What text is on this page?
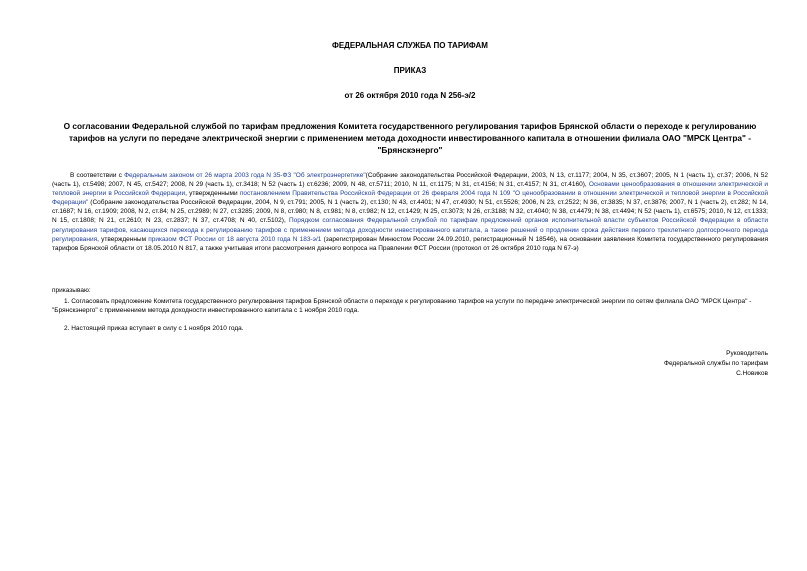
ФЕДЕРАЛЬНАЯ СЛУЖБА ПО ТАРИФАМ
ПРИКАЗ
от 26 октября 2010 года N 256-э/2
О согласовании Федеральной службой по тарифам предложения Комитета государственного регулирования тарифов Брянской области о переходе к регулированию тарифов на услуги по передаче электрической энергии с применением метода доходности инвестированного капитала в отношении филиала ОАО "МРСК Центра" - "Брянскэнерго"
В соответствии с Федеральным законом от 26 марта 2003 года N 35-ФЗ "Об электроэнергетике"(Собрание законодательства Российской Федерации, 2003, N 13, ст.1177; 2004, N 35, ст.3607; 2005, N 1 (часть 1), ст.37; 2006, N 52 (часть 1), ст.5498; 2007, N 45, ст.5427; 2008, N 29 (часть 1), ст.3418; N 52 (часть 1) ст.6236; 2009, N 48, ст.5711; 2010, N 11, ст.1175; N 31, ст.4156; N 31, ст.4157; N 31, ст.4160), Основами ценообразования в отношении электрической и тепловой энергии в Российской Федерации, утвержденными постановлением Правительства Российской Федерации от 26 февраля 2004 года N 109 "О ценообразовании в отношении электрической и тепловой энергии в Российской Федерации" (Собрание законодательства Российской Федерации, 2004, N 9, ст.791; 2005, N 1 (часть 2), ст.130; N 43, ст.4401; N 47, ст.4930; N 51, ст.5526; 2006, N 23, ст.2522; N 36, ст.3835; N 37, ст.3876; 2007, N 1 (часть 2), ст.282; N 14, ст.1687; N 16, ст.1909; 2008, N 2, ст.84; N 25, ст.2989; N 27, ст.3285; 2009, N 8, ст.980; N 8, ст.981; N 8, ст.982; N 12, ст.1429; N 25, ст.3073; N 26, ст.3188; N 32, ст.4040; N 38, ст.4479; N 38, ст.4494; N 52 (часть 1), ст.6575; 2010, N 12, ст.1333; N 15, ст.1808; N 21, ст.2610; N 23, ст.2837; N 37, ст.4708; N 40, ст.5102), Порядком согласования Федеральной службой по тарифам предложений органов исполнительной власти субъектов Российской Федерации в области регулирования тарифов, касающихся перехода к регулированию тарифов с применением метода доходности инвестированного капитала, а также решений о продлении срока действия первого трехлетнего долгосрочного периода регулирования, утвержденным приказом ФСТ России от 18 августа 2010 года N 183-э/1 (зарегистрирован Минюстом России 24.09.2010, регистрационный N 18546), на основании заявления Комитета государственного регулирования тарифов Брянской области от 18.05.2010 N 817, а также учитывая итоги рассмотрения данного вопроса на Правлении ФСТ России (протокол от 26 октября 2010 года N 67-э)
приказываю:
1. Согласовать предложение Комитета государственного регулирования тарифов Брянской области о переходе к регулированию тарифов на услуги по передаче электрической энергии по сетям филиала ОАО "МРСК Центра" - "Брянскэнерго" с применением метода доходности инвестированного капитала с 1 ноября 2010 года.
2. Настоящий приказ вступает в силу с 1 ноября 2010 года.
Руководитель
Федеральной службы по тарифам
С.Новиков
